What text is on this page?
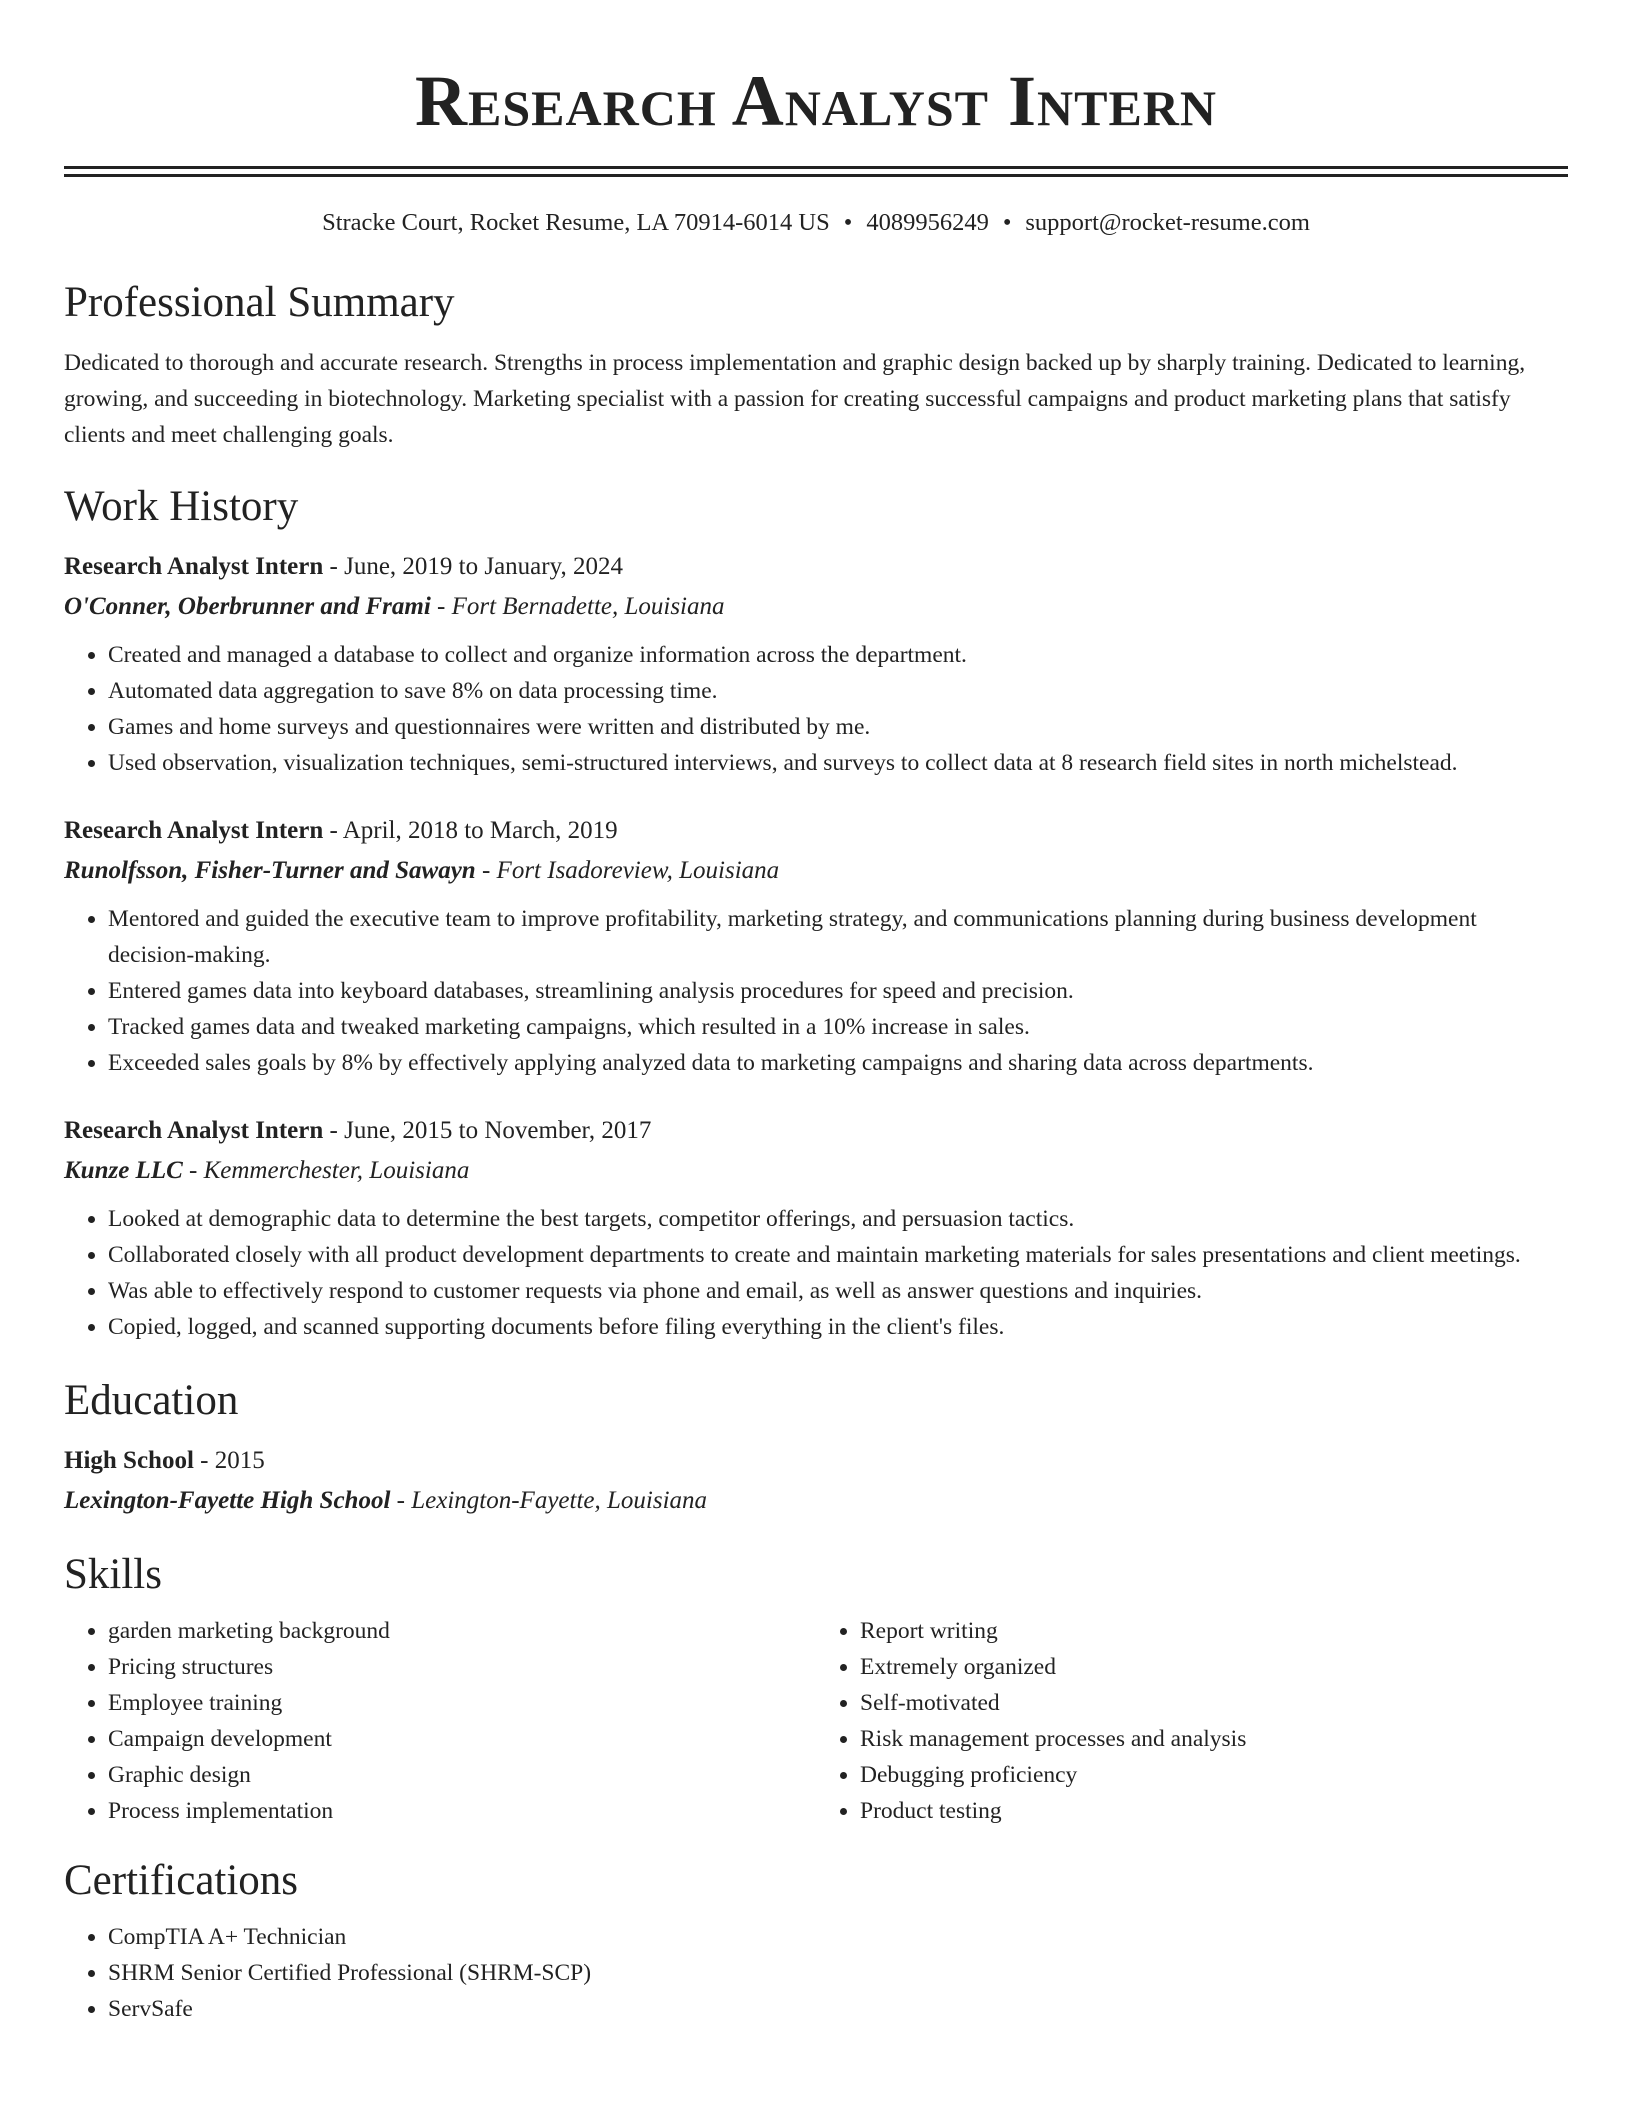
Research Analyst Intern
Stracke Court, Rocket Resume, LA 70914-6014 US • 4089956249 • support@rocket-resume.com
Professional Summary

Dedicated to thorough and accurate research. Strengths in process implementation and graphic design backed up by sharply training. Dedicated to learning, growing, and succeeding in biotechnology. Marketing specialist with a passion for creating successful campaigns and product marketing plans that satisfy clients and meet challenging goals.

Work History
Research Analyst Intern - June, 2019 to January, 2024
O'Conner, Oberbrunner and Frami - Fort Bernadette, Louisiana
• Created and managed a database to collect and organize information across the department.
• Automated data aggregation to save 8% on data processing time.
• Games and home surveys and questionnaires were written and distributed by me.
• Used observation, visualization techniques, semi-structured interviews, and surveys to collect data at 8 research field sites in north michelstead.
Research Analyst Intern - April, 2018 to March, 2019
Runolfsson, Fisher-Turner and Sawayn - Fort Isadoreview, Louisiana
• Mentored and guided the executive team to improve profitability, marketing strategy, and communications planning during business development decision-making.
• Entered games data into keyboard databases, streamlining analysis procedures for speed and precision.
• Tracked games data and tweaked marketing campaigns, which resulted in a 10% increase in sales.
• Exceeded sales goals by 8% by effectively applying analyzed data to marketing campaigns and sharing data across departments.
Research Analyst Intern - June, 2015 to November, 2017
Kunze LLC - Kemmerchester, Louisiana
• Looked at demographic data to determine the best targets, competitor offerings, and persuasion tactics.
• Collaborated closely with all product development departments to create and maintain marketing materials for sales presentations and client meetings.
• Was able to effectively respond to customer requests via phone and email, as well as answer questions and inquiries.
• Copied, logged, and scanned supporting documents before filing everything in the client's files.
Education
High School - 2015
Lexington-Fayette High School - Lexington-Fayette, Louisiana
Skills
• garden marketing background
• Pricing structures
• Employee training
• Campaign development
• Graphic design
• Process implementation
• Report writing
• Extremely organized
• Self-motivated
• Risk management processes and analysis
• Debugging proficiency
• Product testing
Certifications
• CompTIA A+ Technician
• SHRM Senior Certified Professional (SHRM-SCP)
• ServSafe
